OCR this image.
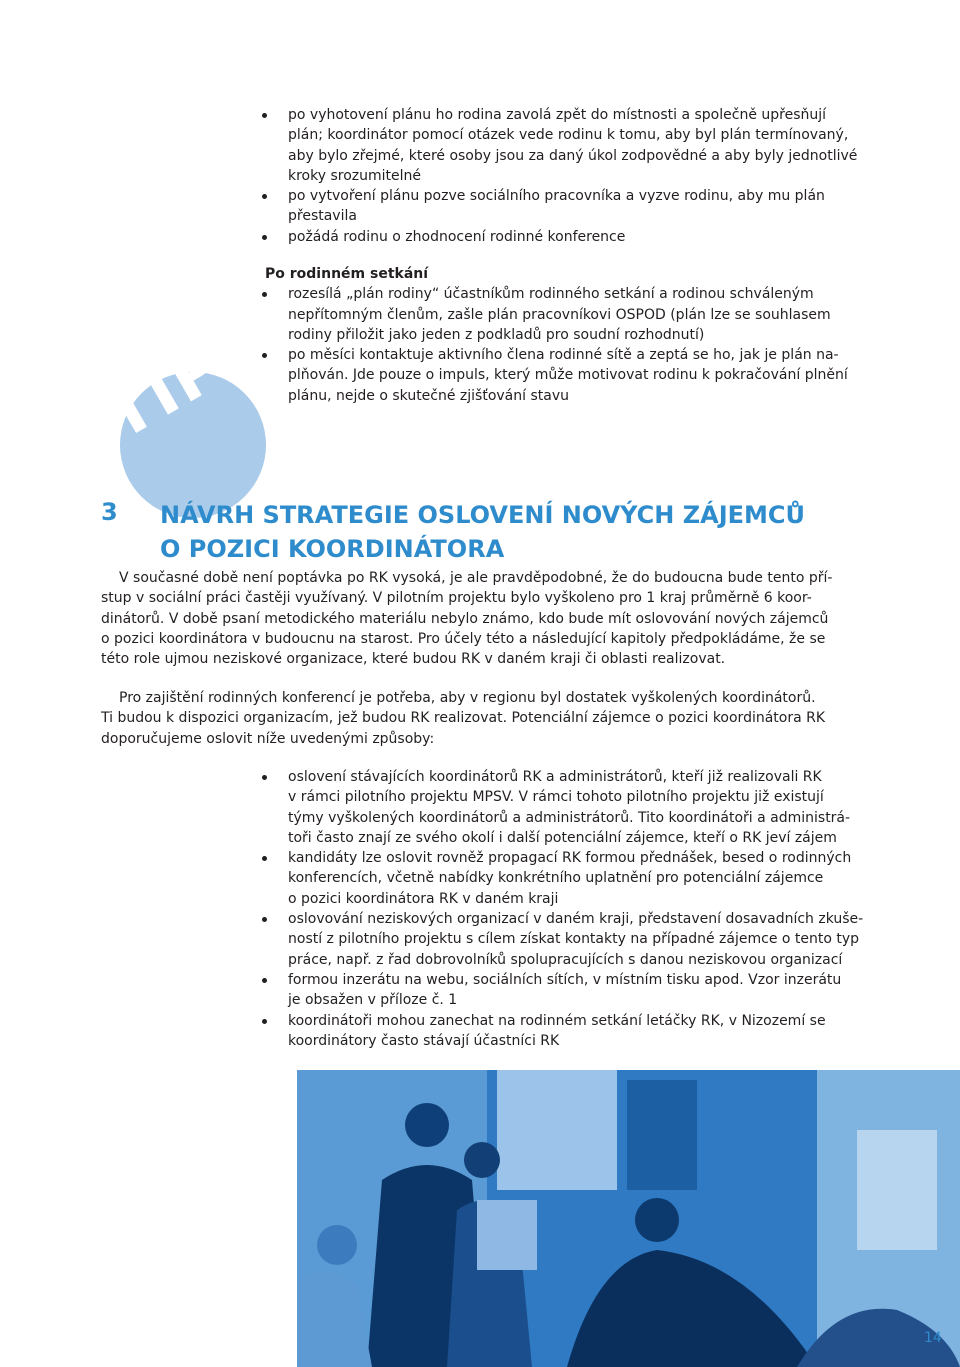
po vyhotovení plánu ho rodina zavolá zpět do místnosti a společně upřesňují
plán; koordinátor pomocí otázek vede rodinu k tomu, aby byl plán termínovaný,
aby bylo zřejmé, které osoby jsou za daný úkol zodpovědné a aby byly jednotlivé
kroky srozumitelné
po vytvoření plánu pozve sociálního pracovníka a vyzve rodinu, aby mu plán
přestavila
požádá rodinu o zhodnocení rodinné konference
Po rodinném setkání
rozesílá „plán rodiny“ účastníkům rodinného setkání a rodinou schváleným
nepřítomným členům, zašle plán pracovníkovi OSPOD (plán lze se souhlasem
rodiny přiložit jako jeden z podkladů pro soudní rozhodnutí)
po měsíci kontaktuje aktivního člena rodinné sítě a zeptá se ho, jak je plán na-
plňován. Jde pouze o impuls, který může motivovat rodinu k pokračování plnění
plánu, nejde o skutečné zjišťování stavu
TIP
3 NÁVRH STRATEGIE OSLOVENÍ NOVÝCH ZÁJEMCŮ
O POZICI KOORDINÁTORA
V současné době není poptávka po RK vysoká, je ale pravděpodobné, že do budoucna bude tento pří-
stup v sociální práci častěji využívaný. V pilotním projektu bylo vyškoleno pro 1 kraj průměrně 6 koor-
dinátorů. V době psaní metodického materiálu nebylo známo, kdo bude mít oslovování nových zájemců
o pozici koordinátora v budoucnu na starost. Pro účely této a následující kapitoly předpokládáme, že se
této role ujmou neziskové organizace, které budou RK v daném kraji či oblasti realizovat.
Pro zajištění rodinných konferencí je potřeba, aby v regionu byl dostatek vyškolených koordinátorů.
Ti budou k dispozici organizacím, jež budou RK realizovat. Potenciální zájemce o pozici koordinátora RK
doporučujeme oslovit níže uvedenými způsoby:
oslovení stávajících koordinátorů RK a administrátorů, kteří již realizovali RK
v rámci pilotního projektu MPSV. V rámci tohoto pilotního projektu již existují
týmy vyškolených koordinátorů a administrátorů. Tito koordinátoři a administrá-
toři často znají ze svého okolí i další potenciální zájemce, kteří o RK jeví zájem
kandidáty lze oslovit rovněž propagací RK formou přednášek, besed o rodinných
konferencích, včetně nabídky konkrétního uplatnění pro potenciální zájemce
o pozici koordinátora RK v daném kraji
oslovování neziskových organizací v daném kraji, představení dosavadních zkuše-
ností z pilotního projektu s cílem získat kontakty na případné zájemce o tento typ
práce, např. z řad dobrovolníků spolupracujících s danou neziskovou organizací
formou inzerátu na webu, sociálních sítích, v místním tisku apod. Vzor inzerátu
je obsažen v příloze č. 1
koordinátoři mohou zanechat na rodinném setkání letáčky RK, v Nizozemí se
koordinátory často stávají účastníci RK
14
